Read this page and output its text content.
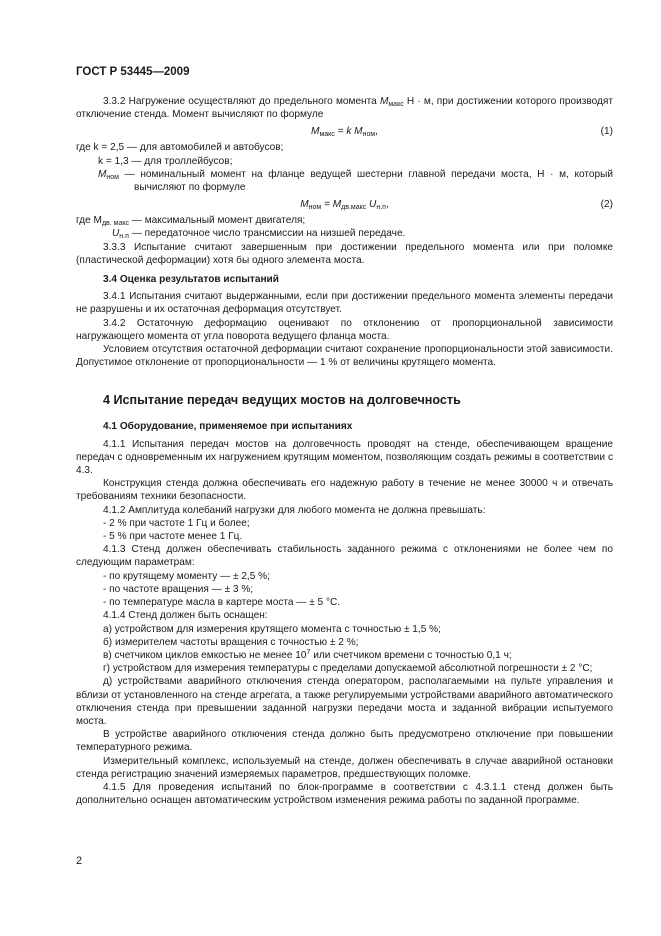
ГОСТ Р 53445—2009

3.3.2 Нагружение осуществляют до предельного момента $M_{макс}$ Н · м, при достижении которого производят отключение стенда. Момент вычисляют по формуле

$M_{макс} = k$ $M_{ном}$,	(1)

где k = 2,5 — для автомобилей и автобусов;

k = 1,3 — для троллейбусов;

$M_{ном}$ — номинальный момент на фланце ведущей шестерни главной передачи моста, Н · м, который вычисляют по формуле

$M_{ном} = M_{дв.макс}$ $U_{н.п}$,	(2)

где $M_{дв. макс}$ — максимальный момент двигателя;

$U_{н.п}$ — передаточное число трансмиссии на низшей передаче.

3.3.3 Испытание считают завершенным при достижении предельного момента или при поломке (пластической деформации) хотя бы одного элемента моста.

3.4 Оценка результатов испытаний

3.4.1 Испытания считают выдержанными, если при достижении предельного момента элементы передачи не разрушены и их остаточная деформация отсутствует.

3.4.2 Остаточную деформацию оценивают по отклонению от пропорциональной зависимости нагружающего момента от угла поворота ведущего фланца моста.

Условием отсутствия остаточной деформации считают сохранение пропорциональности этой зависимости. Допустимое отклонение от пропорциональности — 1 % от величины крутящего момента.

4 Испытание передач ведущих мостов на долговечность

4.1 Оборудование, применяемое при испытаниях

4.1.1 Испытания передач мостов на долговечность проводят на стенде, обеспечивающем вращение передач с одновременным их нагружением крутящим моментом, позволяющим создать режимы в соответствии с 4.3.

Конструкция стенда должна обеспечивать его надежную работу в течение не менее 30000 ч и отвечать требованиям техники безопасности.

4.1.2 Амплитуда колебаний нагрузки для любого момента не должна превышать:

- 2 % при частоте 1 Гц и более;

- 5 % при частоте менее 1 Гц.

4.1.3 Стенд должен обеспечивать стабильность заданного режима с отклонениями не более чем по следующим параметрам:

- по крутящему моменту — ± 2,5 %;

- по частоте вращения — ± 3 %;

- по температуре масла в картере моста — ± 5 °С.

4.1.4 Стенд должен быть оснащен:

а) устройством для измерения крутящего момента с точностью ± 1,5 %;

б) измерителем частоты вращения с точностью ± 2 %;

в) счетчиком циклов емкостью не менее $10^7$ или счетчиком времени с точностью 0,1 ч;

г) устройством для измерения температуры с пределами допускаемой абсолютной погрешности ± 2 °С;

д) устройствами аварийного отключения стенда оператором, располагаемыми на пульте управления и вблизи от установленного на стенде агрегата, а также регулируемыми устройствами аварийного автоматического отключения стенда при превышении заданной нагрузки передачи моста и заданной вибрации испытуемого моста.

В устройстве аварийного отключения стенда должно быть предусмотрено отключение при повышении температурного режима.

Измерительный комплекс, используемый на стенде, должен обеспечивать в случае аварийной остановки стенда регистрацию значений измеряемых параметров, предшествующих поломке.

4.1.5 Для проведения испытаний по блок-программе в соответствии с 4.3.1.1 стенд должен быть дополнительно оснащен автоматическим устройством изменения режима работы по заданной программе.

2
